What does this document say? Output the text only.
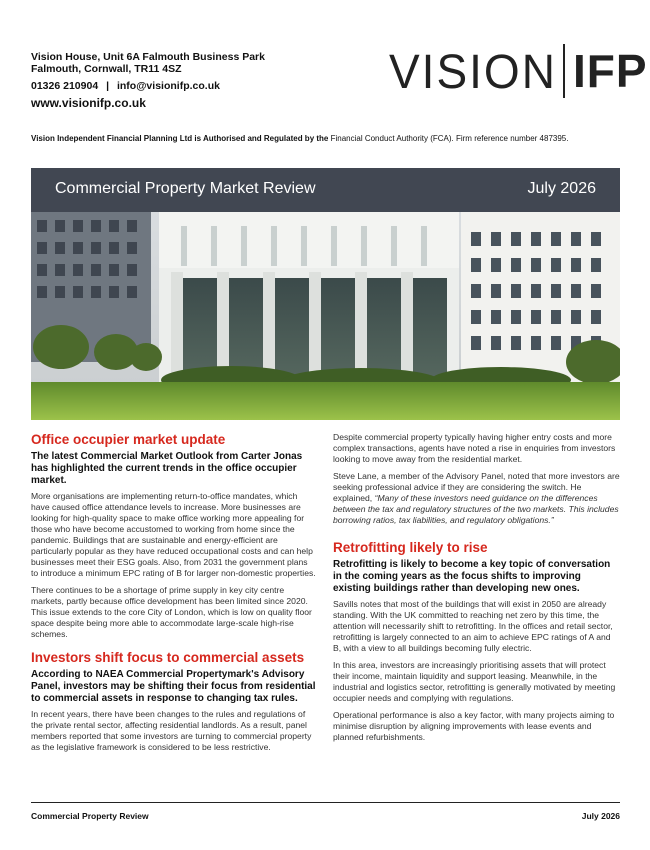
Vision House, Unit 6A Falmouth Business Park
Falmouth, Cornwall, TR11 4SZ
01326 210904 | info@visionifp.co.uk
www.visionifp.co.uk
VISION IFP
Vision Independent Financial Planning Ltd is Authorised and Regulated by the Financial Conduct Authority (FCA). Firm reference number 487395.
Commercial Property Market Review	July 2026
Office occupier market update
The latest Commercial Market Outlook from Carter Jonas has highlighted the current trends in the office occupier market.
More organisations are implementing return-to-office mandates, which have caused office attendance levels to increase. More businesses are looking for high-quality space to make office working more appealing for those who have become accustomed to working from home since the pandemic. Buildings that are sustainable and energy-efficient are particularly popular as they have reduced occupational costs and can help businesses meet their ESG goals. Also, from 2031 the government plans to introduce a minimum EPC rating of B for larger non-domestic properties.
There continues to be a shortage of prime supply in key city centre markets, partly because office development has been limited since 2020. This issue extends to the core City of London, which is low on quality floor space despite being more able to accommodate large-scale high-rise schemes.
Investors shift focus to commercial assets
According to NAEA Commercial Propertymark's Advisory Panel, investors may be shifting their focus from residential to commercial assets in response to changing tax rules.
In recent years, there have been changes to the rules and regulations of the private rental sector, affecting residential landlords. As a result, panel members reported that some investors are turning to commercial property as the legislative framework is considered to be less restrictive.
Despite commercial property typically having higher entry costs and more complex transactions, agents have noted a rise in enquiries from investors looking to move away from the residential market.
Steve Lane, a member of the Advisory Panel, noted that more investors are seeking professional advice if they are considering the switch. He explained, “Many of these investors need guidance on the differences between the tax and regulatory structures of the two markets. This includes borrowing ratios, tax liabilities, and regulatory obligations.”
Retrofitting likely to rise
Retrofitting is likely to become a key topic of conversation in the coming years as the focus shifts to improving existing buildings rather than developing new ones.
Savills notes that most of the buildings that will exist in 2050 are already standing. With the UK committed to reaching net zero by this time, the attention will necessarily shift to retrofitting. In the offices and retail sector, retrofitting is largely connected to an aim to achieve EPC ratings of A and B, with a view to all buildings becoming fully electric.
In this area, investors are increasingly prioritising assets that will protect their income, maintain liquidity and support leasing. Meanwhile, in the industrial and logistics sector, retrofitting is generally motivated by meeting occupier needs and complying with regulations.
Operational performance is also a key factor, with many projects aiming to minimise disruption by aligning improvements with lease events and planned refurbishments.
Commercial Property Review	July 2026
